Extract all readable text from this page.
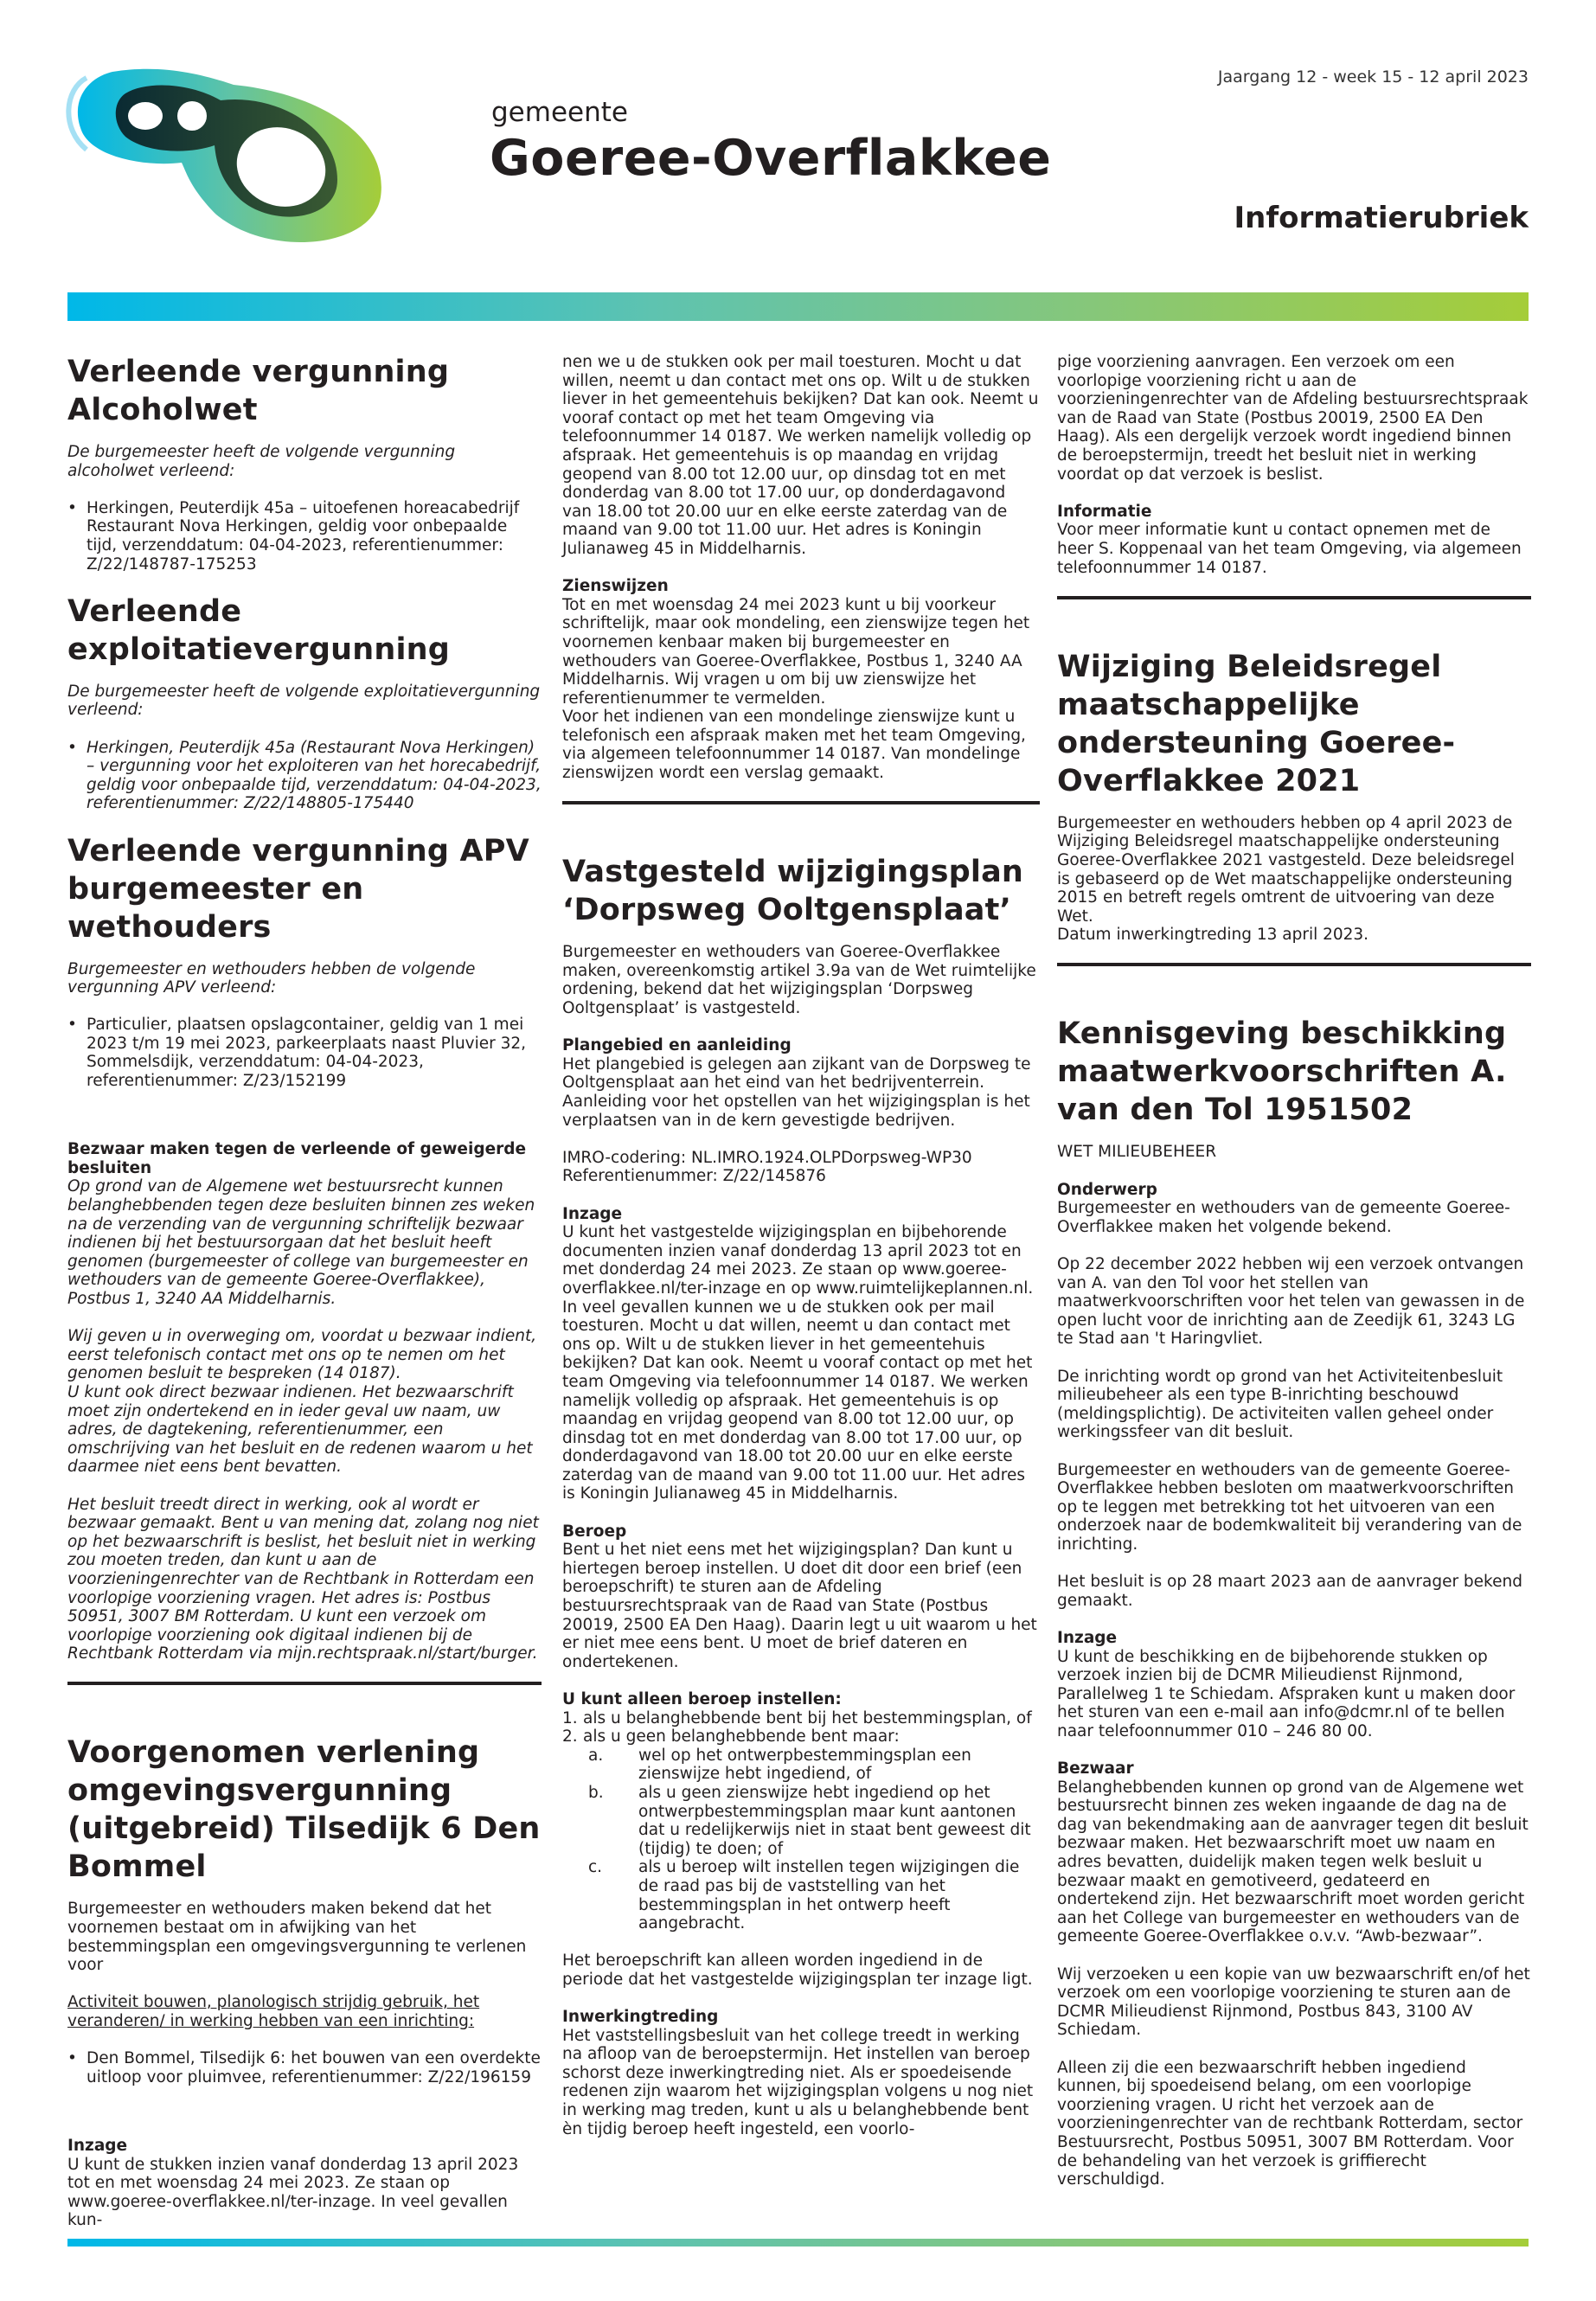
Jaargang 12 - week 15 - 12 april 2023
gemeente
Goeree-Overflakkee
Informatierubriek
Verleende vergunning Alcoholwet
De burgemeester heeft de volgende vergunning alcoholwet verleend:
• Herkingen, Peuterdijk 45a – uitoefenen horeacabedrijf Restaurant Nova Herkingen, geldig voor onbepaalde tijd, verzenddatum: 04-04-2023, referentienummer: Z/22/148787-175253
Verleende exploitatievergunning
De burgemeester heeft de volgende exploitatievergunning verleend:
• Herkingen, Peuterdijk 45a (Restaurant Nova Herkingen) – vergunning voor het exploiteren van het horecabedrijf, geldig voor onbepaalde tijd, verzenddatum: 04-04-2023, referentienummer: Z/22/148805-175440
Verleende vergunning APV burgemeester en wethouders
Burgemeester en wethouders hebben de volgende vergunning APV verleend:
• Particulier, plaatsen opslagcontainer, geldig van 1 mei 2023 t/m 19 mei 2023, parkeerplaats naast Pluvier 32, Sommelsdijk, verzenddatum: 04-04-2023, referentienummer: Z/23/152199
Bezwaar maken tegen de verleende of geweigerde besluiten
Op grond van de Algemene wet bestuursrecht kunnen belanghebbenden tegen deze besluiten binnen zes weken na de verzending van de vergunning schriftelijk bezwaar indienen bij het bestuursorgaan dat het besluit heeft genomen (burgemeester of college van burgemeester en wethouders van de gemeente Goeree-Overflakkee), Postbus 1, 3240 AA Middelharnis.
Wij geven u in overweging om, voordat u bezwaar indient, eerst telefonisch contact met ons op te nemen om het genomen besluit te bespreken (14 0187).
U kunt ook direct bezwaar indienen. Het bezwaarschrift moet zijn ondertekend en in ieder geval uw naam, uw adres, de dagtekening, referentienummer, een omschrijving van het besluit en de redenen waarom u het daarmee niet eens bent bevatten.
Het besluit treedt direct in werking, ook al wordt er bezwaar gemaakt. Bent u van mening dat, zolang nog niet op het bezwaarschrift is beslist, het besluit niet in werking zou moeten treden, dan kunt u aan de voorzieningenrechter van de Rechtbank in Rotterdam een voorlopige voorziening vragen. Het adres is: Postbus 50951, 3007 BM Rotterdam. U kunt een verzoek om voorlopige voorziening ook digitaal indienen bij de Rechtbank Rotterdam via mijn.rechtspraak.nl/start/burger.
Voorgenomen verlening omgevingsvergunning (uitgebreid) Tilsedijk 6 Den Bommel
Burgemeester en wethouders maken bekend dat het voornemen bestaat om in afwijking van het bestemmingsplan een omgevingsvergunning te verlenen voor
Activiteit bouwen, planologisch strijdig gebruik, het veranderen/ in werking hebben van een inrichting:
• Den Bommel, Tilsedijk 6: het bouwen van een overdekte uitloop voor pluimvee, referentienummer: Z/22/196159
Inzage
U kunt de stukken inzien vanaf donderdag 13 april 2023 tot en met woensdag 24 mei 2023. Ze staan op www.goeree-overflakkee.nl/ter-inzage. In veel gevallen kun-
nen we u de stukken ook per mail toesturen. Mocht u dat willen, neemt u dan contact met ons op. Wilt u de stukken liever in het gemeentehuis bekijken? Dat kan ook. Neemt u vooraf contact op met het team Omgeving via telefoonnummer 14 0187. We werken namelijk volledig op afspraak. Het gemeentehuis is op maandag en vrijdag geopend van 8.00 tot 12.00 uur, op dinsdag tot en met donderdag van 8.00 tot 17.00 uur, op donderdagavond van 18.00 tot 20.00 uur en elke eerste zaterdag van de maand van 9.00 tot 11.00 uur. Het adres is Koningin Julianaweg 45 in Middelharnis.
Zienswijzen
Tot en met woensdag 24 mei 2023 kunt u bij voorkeur schriftelijk, maar ook mondeling, een zienswijze tegen het voornemen kenbaar maken bij burgemeester en wethouders van Goeree-Overflakkee, Postbus 1, 3240 AA Middelharnis. Wij vragen u om bij uw zienswijze het referentienummer te vermelden.
Voor het indienen van een mondelinge zienswijze kunt u telefonisch een afspraak maken met het team Omgeving, via algemeen telefoonnummer 14 0187. Van mondelinge zienswijzen wordt een verslag gemaakt.
Vastgesteld wijzigingsplan ‘Dorpsweg Ooltgensplaat’
Burgemeester en wethouders van Goeree-Overflakkee maken, overeenkomstig artikel 3.9a van de Wet ruimtelijke ordening, bekend dat het wijzigingsplan ‘Dorpsweg Ooltgensplaat’ is vastgesteld.
Plangebied en aanleiding
Het plangebied is gelegen aan zijkant van de Dorpsweg te Ooltgensplaat aan het eind van het bedrijventerrein. Aanleiding voor het opstellen van het wijzigingsplan is het verplaatsen van in de kern gevestigde bedrijven.
IMRO-codering: NL.IMRO.1924.OLPDorpsweg-WP30
Referentienummer: Z/22/145876
Inzage
U kunt het vastgestelde wijzigingsplan en bijbehorende documenten inzien vanaf donderdag 13 april 2023 tot en met donderdag 24 mei 2023. Ze staan op www.goeree-overflakkee.nl/ter-inzage en op www.ruimtelijkeplannen.nl. In veel gevallen kunnen we u de stukken ook per mail toesturen. Mocht u dat willen, neemt u dan contact met ons op. Wilt u de stukken liever in het gemeentehuis bekijken? Dat kan ook. Neemt u vooraf contact op met het team Omgeving via telefoonnummer 14 0187. We werken namelijk volledig op afspraak. Het gemeentehuis is op maandag en vrijdag geopend van 8.00 tot 12.00 uur, op dinsdag tot en met donderdag van 8.00 tot 17.00 uur, op donderdagavond van 18.00 tot 20.00 uur en elke eerste zaterdag van de maand van 9.00 tot 11.00 uur. Het adres is Koningin Julianaweg 45 in Middelharnis.
Beroep
Bent u het niet eens met het wijzigingsplan? Dan kunt u hiertegen beroep instellen. U doet dit door een brief (een beroepschrift) te sturen aan de Afdeling bestuursrechtspraak van de Raad van State (Postbus 20019, 2500 EA Den Haag). Daarin legt u uit waarom u het er niet mee eens bent. U moet de brief dateren en ondertekenen.
U kunt alleen beroep instellen:
1. als u belanghebbende bent bij het bestemmingsplan, of
2. als u geen belanghebbende bent maar:
a.	wel op het ontwerpbestemmingsplan een zienswijze hebt ingediend, of
b.	als u geen zienswijze hebt ingediend op het ontwerpbestemmingsplan maar kunt aantonen dat u redelijkerwijs niet in staat bent geweest dit (tijdig) te doen; of
c.	als u beroep wilt instellen tegen wijzigingen die de raad pas bij de vaststelling van het bestemmingsplan in het ontwerp heeft aangebracht.
Het beroepschrift kan alleen worden ingediend in de periode dat het vastgestelde wijzigingsplan ter inzage ligt.
Inwerkingtreding
Het vaststellingsbesluit van het college treedt in werking na afloop van de beroepstermijn. Het instellen van beroep schorst deze inwerkingtreding niet. Als er spoedeisende redenen zijn waarom het wijzigingsplan volgens u nog niet in werking mag treden, kunt u als u belanghebbende bent èn tijdig beroep heeft ingesteld, een voorlo-
pige voorziening aanvragen. Een verzoek om een voorlopige voorziening richt u aan de voorzieningenrechter van de Afdeling bestuursrechtspraak van de Raad van State (Postbus 20019, 2500 EA Den Haag). Als een dergelijk verzoek wordt ingediend binnen de beroepstermijn, treedt het besluit niet in werking voordat op dat verzoek is beslist.
Informatie
Voor meer informatie kunt u contact opnemen met de heer S. Koppenaal van het team Omgeving, via algemeen telefoonnummer 14 0187.
Wijziging Beleidsregel maatschappelijke ondersteuning Goeree-Overflakkee 2021
Burgemeester en wethouders hebben op 4 april 2023 de Wijziging Beleidsregel maatschappelijke ondersteuning Goeree-Overflakkee 2021 vastgesteld. Deze beleidsregel is gebaseerd op de Wet maatschappelijke ondersteuning 2015 en betreft regels omtrent de uitvoering van deze Wet.
Datum inwerkingtreding 13 april 2023.
Kennisgeving beschikking maatwerkvoorschriften A. van den Tol 1951502
WET MILIEUBEHEER
Onderwerp
Burgemeester en wethouders van de gemeente Goeree-Overflakkee maken het volgende bekend.
Op 22 december 2022 hebben wij een verzoek ontvangen van A. van den Tol voor het stellen van maatwerkvoorschriften voor het telen van gewassen in de open lucht voor de inrichting aan de Zeedijk 61, 3243 LG te Stad aan 't Haringvliet.
De inrichting wordt op grond van het Activiteitenbesluit milieubeheer als een type B-inrichting beschouwd (meldingsplichtig). De activiteiten vallen geheel onder werkingssfeer van dit besluit.
Burgemeester en wethouders van de gemeente Goeree-Overflakkee hebben besloten om maatwerkvoorschriften op te leggen met betrekking tot het uitvoeren van een onderzoek naar de bodemkwaliteit bij verandering van de inrichting.
Het besluit is op 28 maart 2023 aan de aanvrager bekend gemaakt.
Inzage
U kunt de beschikking en de bijbehorende stukken op verzoek inzien bij de DCMR Milieudienst Rijnmond, Parallelweg 1 te Schiedam. Afspraken kunt u maken door het sturen van een e-mail aan info@dcmr.nl of te bellen naar telefoonnummer 010 – 246 80 00.
Bezwaar
Belanghebbenden kunnen op grond van de Algemene wet bestuursrecht binnen zes weken ingaande de dag na de dag van bekendmaking aan de aanvrager tegen dit besluit bezwaar maken. Het bezwaarschrift moet uw naam en adres bevatten, duidelijk maken tegen welk besluit u bezwaar maakt en gemotiveerd, gedateerd en ondertekend zijn. Het bezwaarschrift moet worden gericht aan het College van burgemeester en wethouders van de gemeente Goeree-Overflakkee o.v.v. “Awb-bezwaar”.
Wij verzoeken u een kopie van uw bezwaarschrift en/of het verzoek om een voorlopige voorziening te sturen aan de DCMR Milieudienst Rijnmond, Postbus 843, 3100 AV Schiedam.
Alleen zij die een bezwaarschrift hebben ingediend kunnen, bij spoedeisend belang, om een voorlopige voorziening vragen. U richt het verzoek aan de voorzieningenrechter van de rechtbank Rotterdam, sector Bestuursrecht, Postbus 50951, 3007 BM Rotterdam. Voor de behandeling van het verzoek is griffierecht verschuldigd.
